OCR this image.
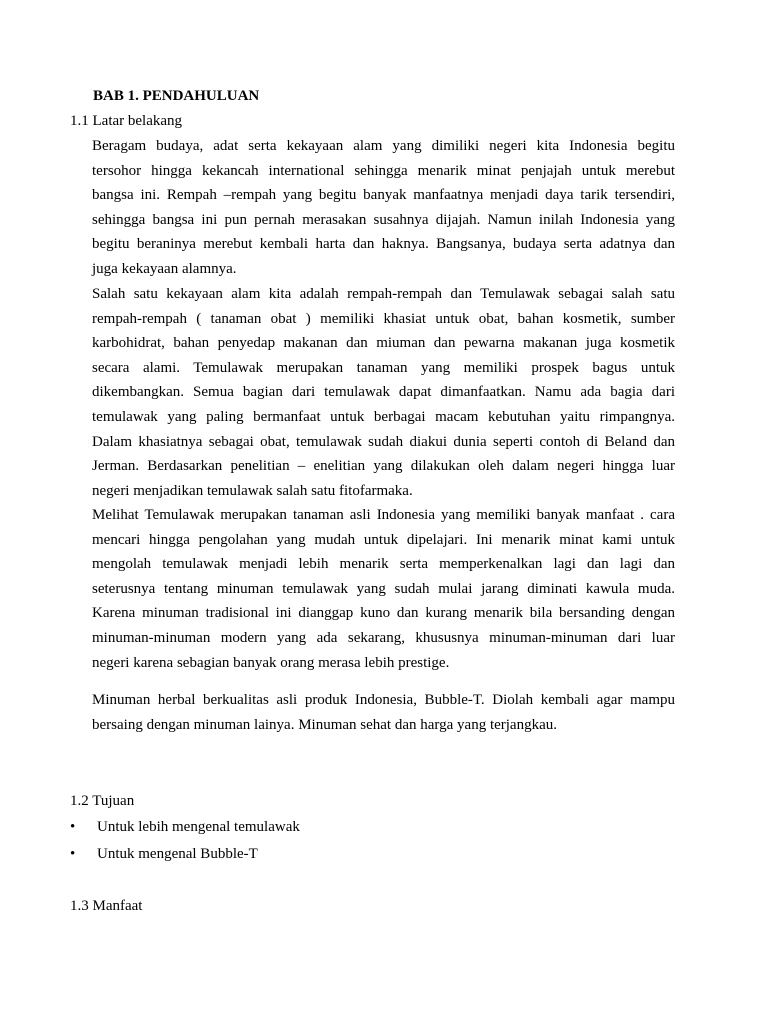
BAB 1. PENDAHULUAN
1.1 Latar belakang
Beragam budaya, adat serta kekayaan alam yang dimiliki negeri kita Indonesia begitu
tersohor hingga kekancah international sehingga menarik minat penjajah untuk merebut
bangsa ini. Rempah –rempah yang begitu banyak manfaatnya menjadi daya tarik tersendiri,
sehingga bangsa ini pun pernah merasakan susahnya dijajah. Namun inilah Indonesia yang
begitu beraninya merebut kembali harta dan haknya. Bangsanya, budaya serta adatnya dan
juga kekayaan alamnya.
Salah satu kekayaan alam kita adalah rempah-rempah dan Temulawak sebagai salah satu
rempah-rempah ( tanaman obat ) memiliki khasiat untuk obat, bahan kosmetik, sumber
karbohidrat, bahan penyedap makanan dan miuman dan pewarna makanan juga kosmetik
secara alami. Temulawak merupakan tanaman yang memiliki prospek bagus untuk
dikembangkan. Semua bagian dari temulawak dapat dimanfaatkan. Namu ada bagia dari
temulawak yang paling bermanfaat untuk berbagai macam kebutuhan yaitu rimpangnya.
Dalam khasiatnya sebagai obat, temulawak sudah diakui dunia seperti contoh di Beland dan
Jerman. Berdasarkan penelitian – enelitian yang dilakukan oleh dalam negeri hingga luar
negeri menjadikan temulawak salah satu fitofarmaka.
Melihat Temulawak merupakan tanaman asli Indonesia yang memiliki banyak manfaat . cara
mencari hingga pengolahan yang mudah untuk dipelajari. Ini menarik minat kami untuk
mengolah temulawak menjadi lebih menarik serta memperkenalkan lagi dan lagi dan
seterusnya tentang minuman temulawak yang sudah mulai jarang diminati kawula muda.
Karena minuman tradisional ini dianggap kuno dan kurang menarik bila bersanding dengan
minuman-minuman modern yang ada sekarang, khususnya minuman-minuman dari luar
negeri karena sebagian banyak orang merasa lebih prestige.
Minuman herbal berkualitas asli produk Indonesia, Bubble-T. Diolah kembali agar mampu
bersaing dengan minuman lainya. Minuman sehat dan harga yang terjangkau.
1.2 Tujuan
• Untuk lebih mengenal temulawak
• Untuk mengenal Bubble-T
1.3 Manfaat
